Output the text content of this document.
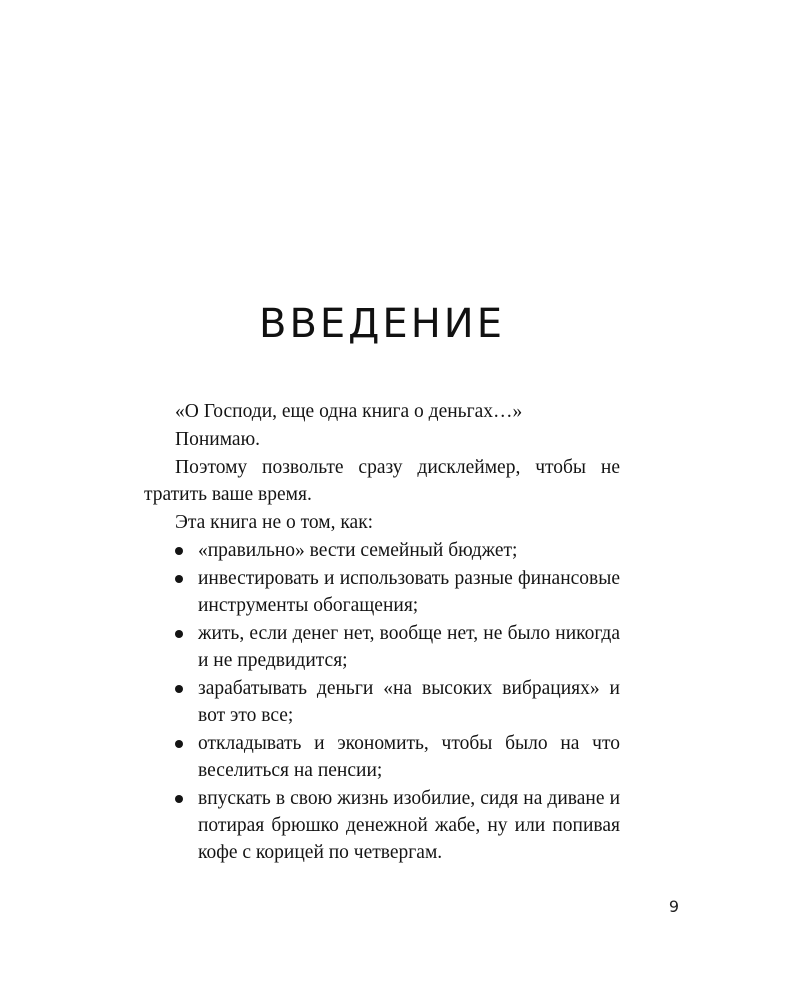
ВВЕДЕНИЕ

«О Господи, еще одна книга о деньгах…»

Понимаю.

Поэтому позвольте сразу дисклеймер, чтобы не тратить ваше время.

Эта книга не о том, как:

«правильно» вести семейный бюджет;
инвестировать и использовать разные финансовые инструменты обогащения;
жить, если денег нет, вообще нет, не было никогда и не предвидится;
зарабатывать деньги «на высоких вибрациях» и вот это все;
откладывать и экономить, чтобы было на что веселиться на пенсии;
впускать в свою жизнь изобилие, сидя на диване и потирая брюшко денежной жабе, ну или попивая кофе с корицей по четвергам.
9
